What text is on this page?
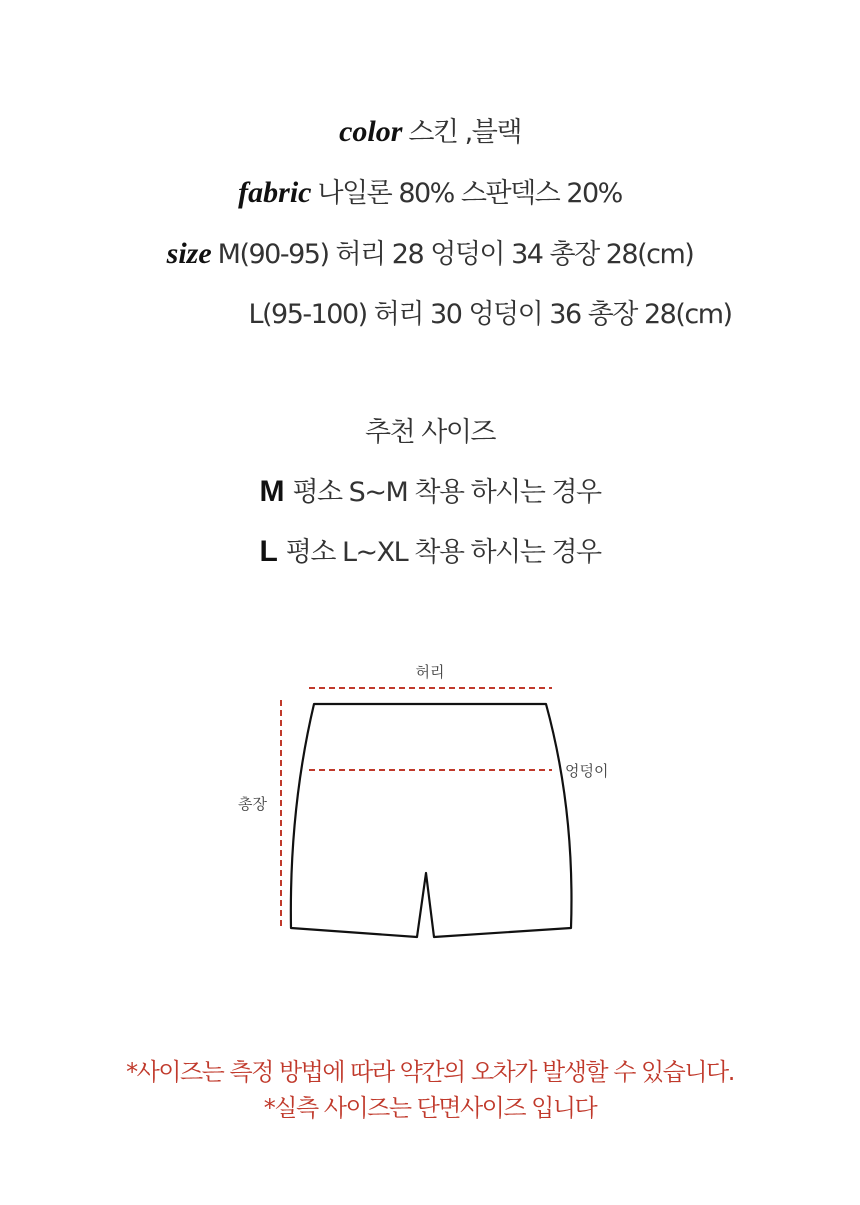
color 스킨 ,블랙
fabric 나일론 80% 스판덱스 20%
size M(90-95) 허리 28 엉덩이 34 총장 28(cm)
L(95-100) 허리 30 엉덩이 36 총장 28(cm)
추천 사이즈
M 평소 S~M 착용 하시는 경우
L 평소 L~XL 착용 하시는 경우
허리
엉덩이
총장
*사이즈는 측정 방법에 따라 약간의 오차가 발생할 수 있습니다.
*실측 사이즈는 단면사이즈 입니다
